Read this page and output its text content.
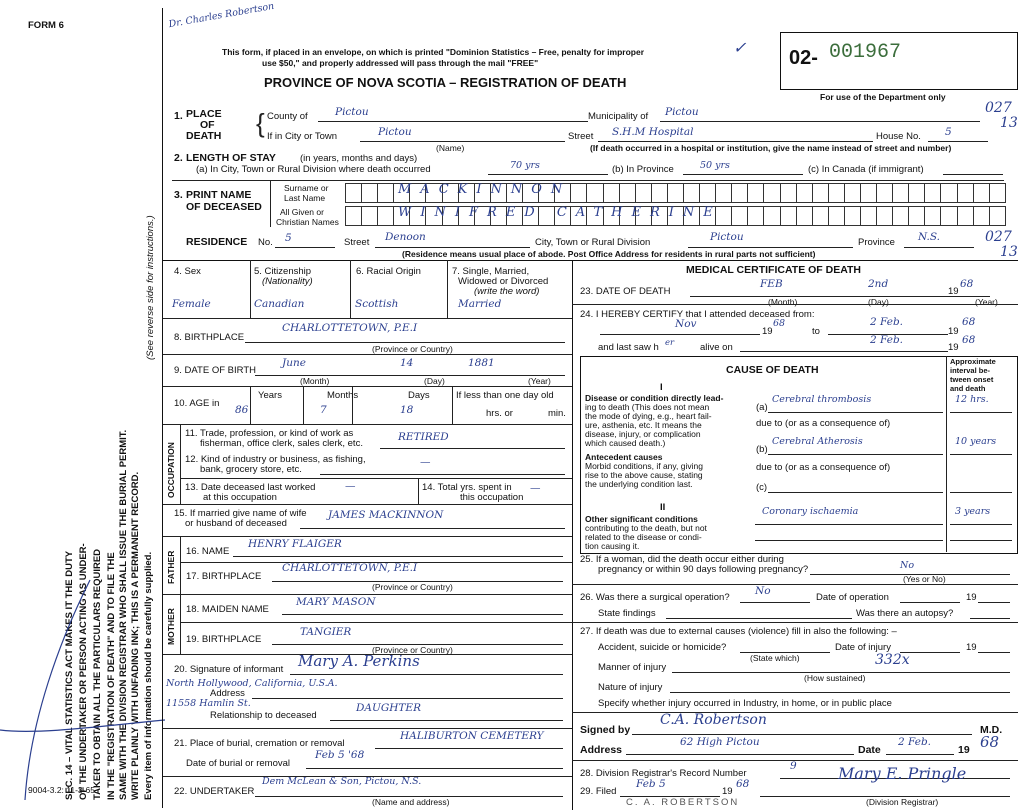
SEC. 14 – VITAL STATISTICS ACT MAKES IT THE DUTY OF THE UNDERTAKER OR PERSON ACTING AS UNDER- TAKER TO OBTAIN ALL THE PARTICULARS REQUIRED IN THE "REGISTRATION OF DEATH" AND TO FILE THE SAME WITH THE DIVISION REGISTRAR WHO SHALL ISSUE THE BURIAL PERMIT. WRITE PLAINLY WITH UNFADING INK; THIS IS A PERMANENT RECORD. Every item of information should be carefully supplied.
(See reverse side for instructions.)
FORM 6
9004-3.2: 11-3-65
Dr. Charles Robertson
This form, if placed in an envelope, on which is printed "Dominion Statistics – Free, penalty for improper
use $50," and properly addressed will pass through the mail "FREE"
PROVINCE OF NOVA SCOTIA – REGISTRATION OF DEATH
✓ 02- 001967
For use of the Department only
027
13
1. PLACE
OF
DEATH { County of	Pictou	Municipality of Pictou
If in City or Town	Pictou
(Name)
Street S.H.M Hospital	House No. 5
(If death occurred in a hospital or institution, give the name instead of street and number)
2. LENGTH OF STAY	(in years, months and days)
(a) In City, Town or Rural Division where death occurred	70 yrs	(b) In Province	50 yrs	(c) In Canada (if immigrant)
3. PRINT NAME
OF DECEASED
Surname or
Last Name
All Given or
Christian Names
MACKINNON
WINIFRED CATHERINE
RESIDENCE No. 5	Street Denoon	City, Town or Rural Division	Pictou	Province N.S.	027
13
(Residence means usual place of abode. Post Office Address for residents in rural parts not sufficient)
4. Sex
Female
5. Citizenship
(Nationality)
Canadian
6. Racial Origin
Scottish
7. Single, Married,
Widowed or Divorced
(write the word)
Married
8. BIRTHPLACE
CHARLOTTETOWN, P.E.I
(Province or Country)
9. DATE OF BIRTH
June	14	1881
(Month)	(Day)	(Year)
10. AGE in
Years	Months	Days
86	7	18
If less than one day old
hrs. or	min.
OCCUPATION
11. Trade, profession, or kind of work as
fisherman, office clerk, sales clerk, etc.
RETIRED
12. Kind of industry or business, as fishing,
bank, grocery store, etc.
—
13. Date deceased last worked
at this occupation
—	14. Total yrs. spent in
this occupation
—
15. If married give name of wife
or husband of deceased
JAMES MACKINNON
FATHER 16. NAME
HENRY FLAIGER
17. BIRTHPLACE
CHARLOTTETOWN, P.E.I
(Province or Country)
MOTHER 18. MAIDEN NAME
MARY MASON
19. BIRTHPLACE
TANGIER
(Province or Country)
20. Signature of informant Mary A. Perkins
North Hollywood, California, U.S.A.
Address
11558 Hamlin St.
Relationship to deceased
DAUGHTER
21. Place of burial, cremation or removal
HALIBURTON CEMETERY
Date of burial or removal
Feb 5 '68
22. UNDERTAKER
Dem McLean & Son, Pictou, N.S.
(Name and address)
MEDICAL CERTIFICATE OF DEATH
23. DATE OF DEATH
FEB	2nd
19
68
(Month)	(Day)	(Year)
24. I HEREBY CERTIFY that I attended deceased from:
Nov
19
68
to
2 Feb.
19
68
and last saw h er	alive on
2 Feb.
19
68
CAUSE OF DEATH
Approximate
interval be-
tween onset
and death
I
Disease or condition directly lead-
ing to death (This does not mean
the mode of dying, e.g., heart fail-
ure, asthenia, etc. It means the
disease, injury, or complication
which caused death.)
(a)
Cerebral thrombosis	12 hrs.
due to (or as a consequence of)
Antecedent causes
Morbid conditions, if any, giving
rise to the above cause, stating
the underlying condition last.
(b)
Cerebral Atherosis	10 years
due to (or as a consequence of)
(c)
II
Other significant conditions
contributing to the death, but not
related to the disease or condi-
tion causing it.
Coronary ischaemia	3 years
25. If a woman, did the death occur either during
pregnancy or within 90 days following pregnancy?	No
(Yes or No)
26. Was there a surgical operation?
No
Date of operation	19
State findings	Was there an autopsy?
27. If death was due to external causes (violence) fill in also the following: –
Accident, suicide or homicide?
(State which)
Date of injury	19
332x
Manner of injury
(How sustained)
Nature of injury
Specify whether injury occurred in Industry, in home, or in public place
Signed by
C.A. Robertson
M.D.
Address
62 High Pictou
Date
2 Feb.
19 68
28. Division Registrar's Record Number
9	Mary E. Pringle
29. Filed
Feb 5
19
68
(Division Registrar)
C. A. ROBERTSON
